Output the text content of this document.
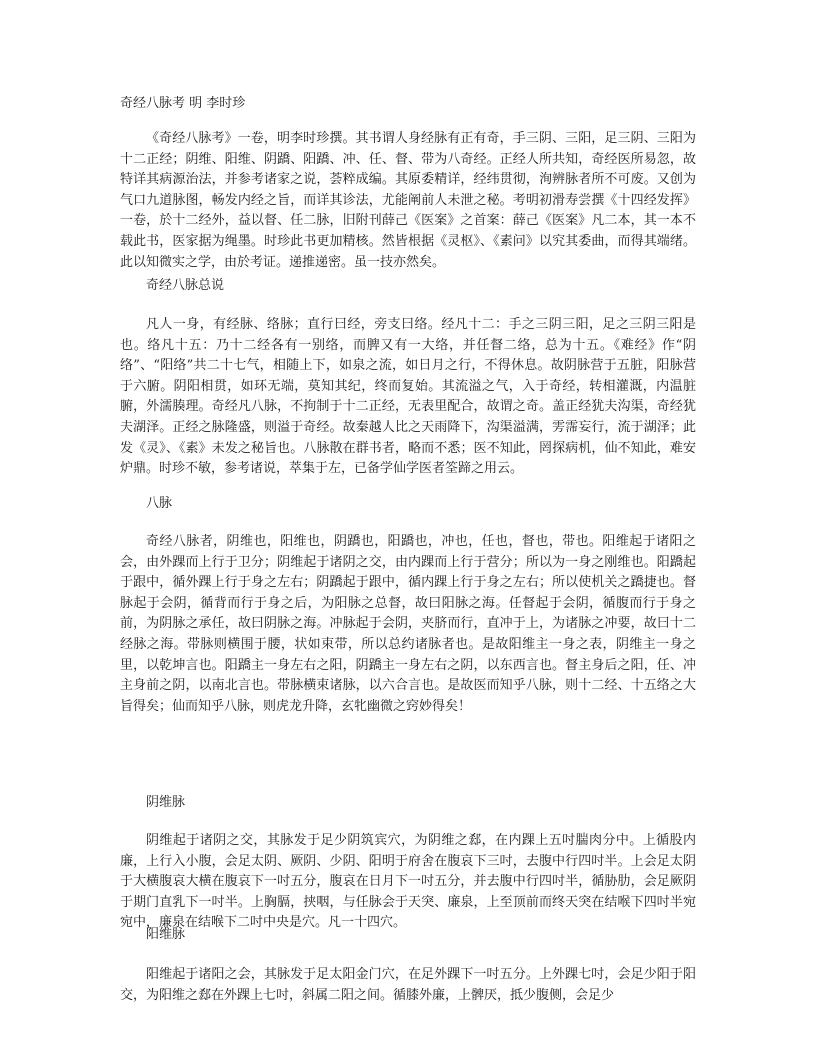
奇经八脉考 明 李时珍

《奇经八脉考》一卷，明李时珍撰。其书谓人身经脉有正有奇，手三阴、三阳，足三阴、三阳为十二正经；阴维、阳维、阴蹻、阳蹻、冲、任、督、带为八奇经。正经人所共知，奇经医所易忽，故特详其病源治法，并参考诸家之说，荟粹成编。其原委精详，经纬贯彻，洵辨脉者所不可废。又创为气口九道脉图，畅发内经之旨，而详其诊法，尤能阐前人未泄之秘。考明初滑寿尝撰《十四经发挥》一卷，於十二经外，益以督、任二脉，旧附刊薛己《医案》之首案：薛己《医案》凡二本，其一本不载此书，医家据为绳墨。时珍此书更加精核。然皆根据《灵枢》、《素问》以究其委曲，而得其端绪。此以知微实之学，由於考证。递推递密。虽一技亦然矣。

奇经八脉总说

凡人一身，有经脉、络脉；直行曰经，旁支曰络。经凡十二：手之三阴三阳，足之三阴三阳是也。络凡十五：乃十二经各有一别络，而脾又有一大络，并任督二络，总为十五。《难经》作“阴络”、“阳络”共二十七气，相随上下，如泉之流，如日月之行，不得休息。故阴脉营于五脏，阳脉营于六腑。阴阳相贯，如环无端，莫知其纪，终而复始。其流溢之气，入于奇经，转相灌溉，内温脏腑，外濡腠理。奇经凡八脉，不拘制于十二正经，无表里配合，故谓之奇。盖正经犹夫沟渠，奇经犹夫湖泽。正经之脉隆盛，则溢于奇经。故秦越人比之天雨降下，沟渠溢满，雱霈妄行，流于湖泽；此发《灵》、《素》未发之秘旨也。八脉散在群书者，略而不悉；医不知此，罔探病机，仙不知此，难安炉鼎。时珍不敏，参考诸说，萃集于左，已备学仙学医者筌蹄之用云。

八脉

奇经八脉者，阴维也，阳维也，阴蹻也，阳蹻也，冲也，任也，督也，带也。阳维起于诸阳之会，由外踝而上行于卫分；阴维起于诸阴之交，由内踝而上行于营分；所以为一身之刚维也。阳蹻起于跟中，循外踝上行于身之左右；阴蹻起于跟中，循内踝上行于身之左右；所以使机关之蹻捷也。督脉起于会阴，循背而行于身之后，为阳脉之总督，故曰阳脉之海。任督起于会阴，循腹而行于身之前，为阴脉之承任，故曰阴脉之海。冲脉起于会阴，夹脐而行，直冲于上，为诸脉之冲要，故曰十二经脉之海。带脉则横围于腰，状如束带，所以总约诸脉者也。是故阳维主一身之表，阴维主一身之里，以乾坤言也。阳蹻主一身左右之阳，阴蹻主一身左右之阴，以东西言也。督主身后之阳，任、冲主身前之阴，以南北言也。带脉横束诸脉，以六合言也。是故医而知乎八脉，则十二经、十五络之大旨得矣；仙而知乎八脉，则虎龙升降，玄牝幽微之窍妙得矣！

阴维脉

阴维起于诸阴之交，其脉发于足少阴筑宾穴，为阴维之郄，在内踝上五吋腨肉分中。上循股内廉，上行入小腹，会足太阴、厥阴、少阴、阳明于府舍在腹哀下三吋，去腹中行四吋半。上会足太阴于大横腹哀大横在腹哀下一吋五分，腹哀在日月下一吋五分，并去腹中行四吋半，循胁肋，会足厥阴于期门直乳下一吋半。上胸膈，挟咽，与任脉会于天突、廉泉，上至顶前而终天突在结喉下四吋半宛宛中，廉泉在结喉下二吋中央是穴。凡一十四穴。

阳维脉

阳维起于诸阳之会，其脉发于足太阳金门穴，在足外踝下一吋五分。上外踝七吋，会足少阳于阳交，为阳维之郄在外踝上七吋，斜属二阳之间。循膝外廉，上髀厌，抵少腹侧，会足少
